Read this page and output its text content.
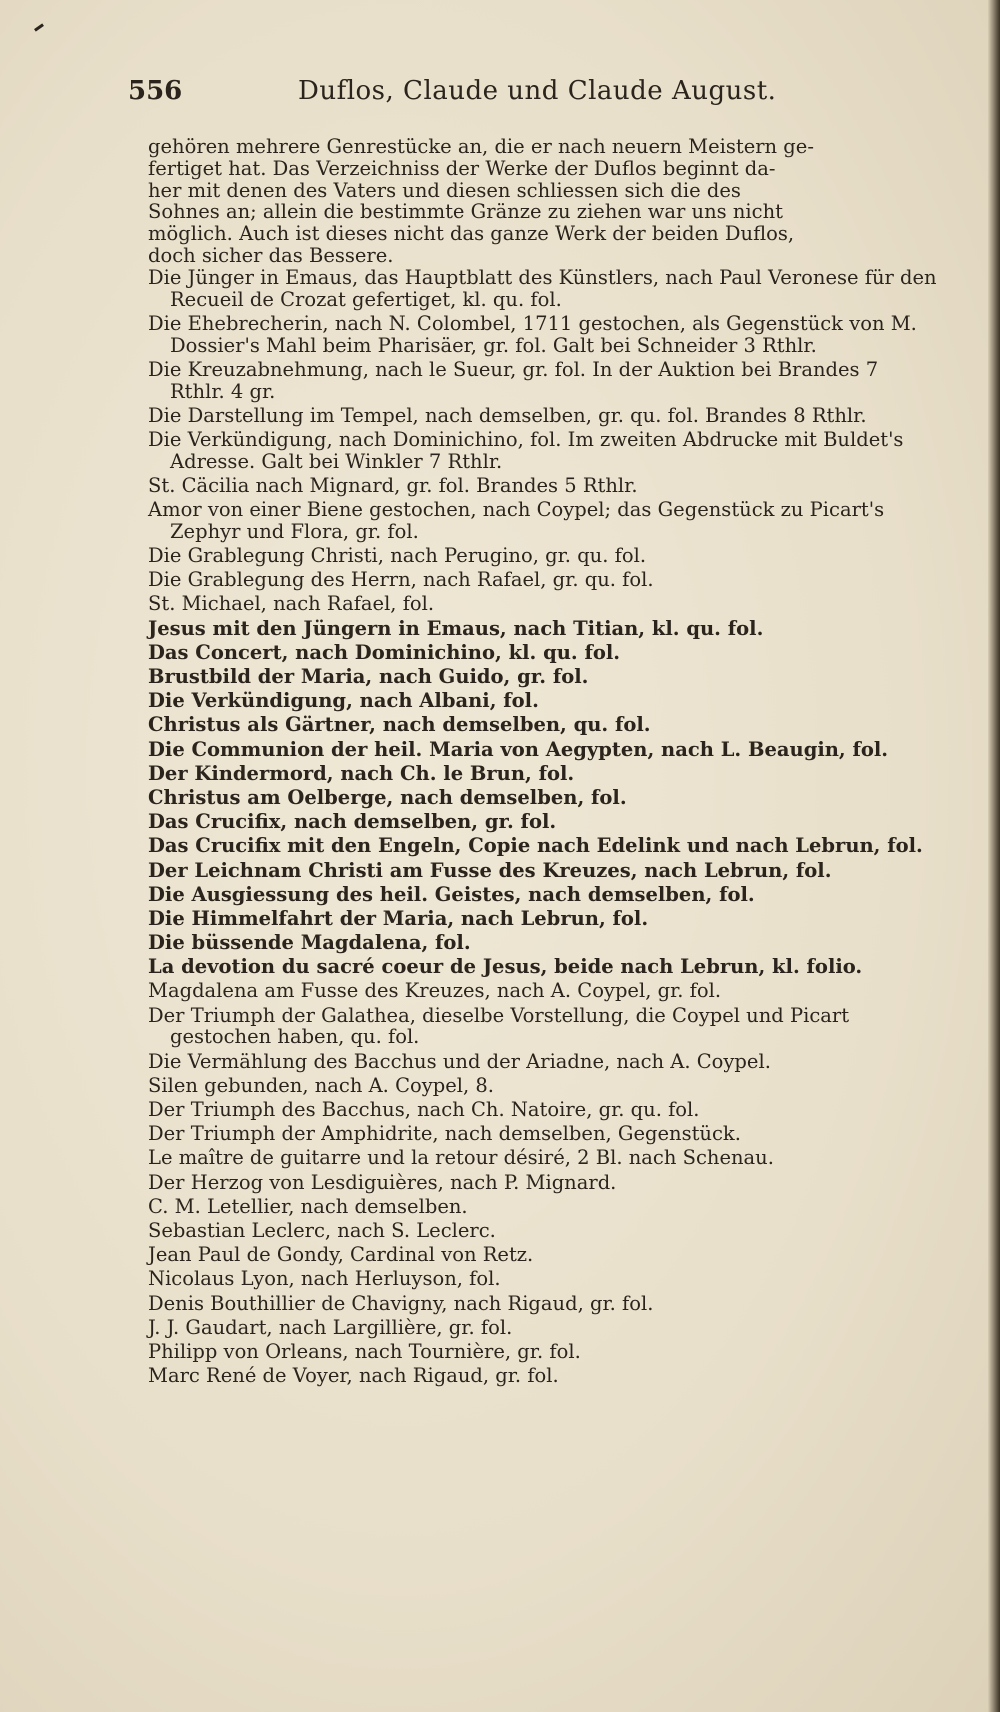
556	Duflos, Claude und Claude August.

gehören mehrere Genrestücke an, die er nach neuern Meistern ge-

fertiget hat. Das Verzeichniss der Werke der Duflos beginnt da-

her mit denen des Vaters und diesen schliessen sich die des

Sohnes an; allein die bestimmte Gränze zu ziehen war uns nicht

möglich. Auch ist dieses nicht das ganze Werk der beiden Duflos,

doch sicher das Bessere.

Die Jünger in Emaus, das Hauptblatt des Künstlers, nach Paul Veronese für den Recueil de Crozat gefertiget, kl. qu. fol.

Die Ehebrecherin, nach N. Colombel, 1711 gestochen, als Gegenstück von M. Dossier's Mahl beim Pharisäer, gr. fol. Galt bei Schneider 3 Rthlr.

Die Kreuzabnehmung, nach le Sueur, gr. fol. In der Auktion bei Brandes 7 Rthlr. 4 gr.

Die Darstellung im Tempel, nach demselben, gr. qu. fol. Brandes 8 Rthlr.

Die Verkündigung, nach Dominichino, fol. Im zweiten Abdrucke mit Buldet's Adresse. Galt bei Winkler 7 Rthlr.

St. Cäcilia nach Mignard, gr. fol. Brandes 5 Rthlr.

Amor von einer Biene gestochen, nach Coypel; das Gegenstück zu Picart's Zephyr und Flora, gr. fol.

Die Grablegung Christi, nach Perugino, gr. qu. fol.

Die Grablegung des Herrn, nach Rafael, gr. qu. fol.

St. Michael, nach Rafael, fol.

Jesus mit den Jüngern in Emaus, nach Titian, kl. qu. fol.

Das Concert, nach Dominichino, kl. qu. fol.

Brustbild der Maria, nach Guido, gr. fol.

Die Verkündigung, nach Albani, fol.

Christus als Gärtner, nach demselben, qu. fol.

Die Communion der heil. Maria von Aegypten, nach L. Beaugin, fol.

Der Kindermord, nach Ch. le Brun, fol.

Christus am Oelberge, nach demselben, fol.

Das Crucifix, nach demselben, gr. fol.

Das Crucifix mit den Engeln, Copie nach Edelink und nach Lebrun, fol.

Der Leichnam Christi am Fusse des Kreuzes, nach Lebrun, fol.

Die Ausgiessung des heil. Geistes, nach demselben, fol.

Die Himmelfahrt der Maria, nach Lebrun, fol.

Die büssende Magdalena, fol.

La devotion du sacré coeur de Jesus, beide nach Lebrun, kl. folio.

Magdalena am Fusse des Kreuzes, nach A. Coypel, gr. fol.

Der Triumph der Galathea, dieselbe Vorstellung, die Coypel und Picart gestochen haben, qu. fol.

Die Vermählung des Bacchus und der Ariadne, nach A. Coypel.

Silen gebunden, nach A. Coypel, 8.

Der Triumph des Bacchus, nach Ch. Natoire, gr. qu. fol.

Der Triumph der Amphidrite, nach demselben, Gegenstück.

Le maître de guitarre und la retour désiré, 2 Bl. nach Schenau.

Der Herzog von Lesdiguières, nach P. Mignard.

C. M. Letellier, nach demselben.

Sebastian Leclerc, nach S. Leclerc.

Jean Paul de Gondy, Cardinal von Retz.

Nicolaus Lyon, nach Herluyson, fol.

Denis Bouthillier de Chavigny, nach Rigaud, gr. fol.

J. J. Gaudart, nach Largillière, gr. fol.

Philipp von Orleans, nach Tournière, gr. fol.

Marc René de Voyer, nach Rigaud, gr. fol.
